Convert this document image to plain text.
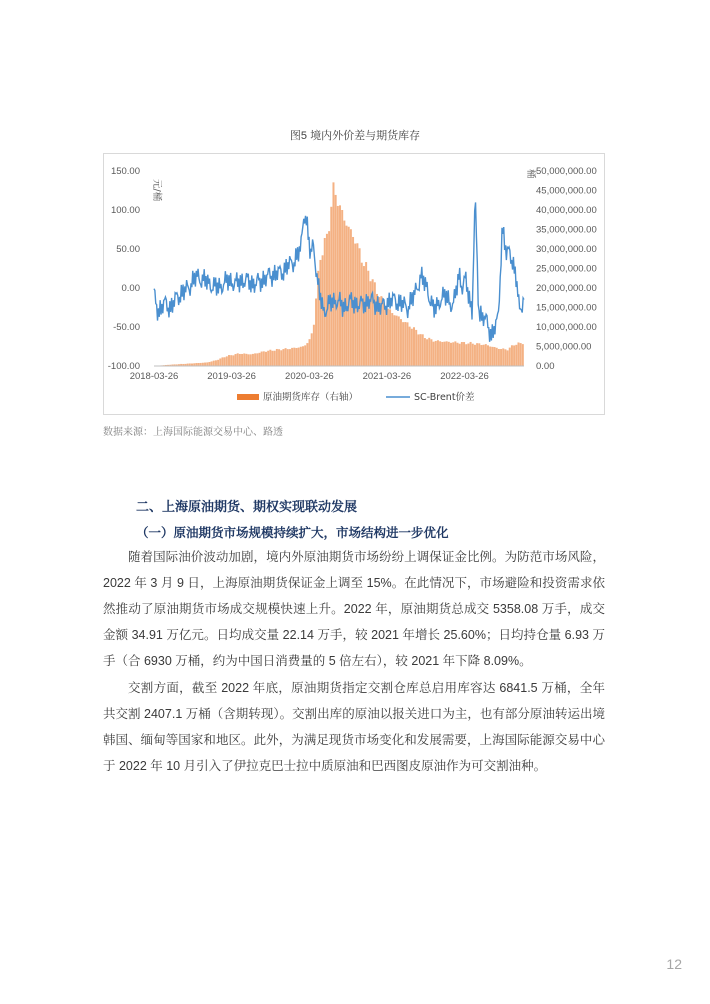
图5 境内外价差与期货库存
150.00
100.00
50.00
0.00
-50.00
-100.00
50,000,000.00
45,000,000.00
40,000,000.00
35,000,000.00
30,000,000.00
25,000,000.00
20,000,000.00
15,000,000.00
10,000,000.00
5,000,000.00
0.00
2018-03-26	2019-03-26	2020-03-26	2021-03-26	2022-03-26
元/桶
桶
原油期货库存（右轴）	SC-Brent价差
数据来源：上海国际能源交易中心、路透
二、上海原油期货、期权实现联动发展
（一）原油期货市场规模持续扩大，市场结构进一步优化

随着国际油价波动加剧，境内外原油期货市场纷纷上调保证金比例。为防范市场风险，2022 年 3 月 9 日，上海原油期货保证金上调至 15%。在此情况下，市场避险和投资需求依然推动了原油期货市场成交规模快速上升。2022 年，原油期货总成交 5358.08 万手，成交金额 34.91 万亿元。日均成交量 22.14 万手，较 2021 年增长 25.60%；日均持仓量 6.93 万手（合 6930 万桶，约为中国日消费量的 5 倍左右），较 2021 年下降 8.09%。

交割方面，截至 2022 年底，原油期货指定交割仓库总启用库容达 6841.5 万桶，全年共交割 2407.1 万桶（含期转现）。交割出库的原油以报关进口为主，也有部分原油转运出境韩国、缅甸等国家和地区。此外，为满足现货市场变化和发展需要，上海国际能源交易中心于 2022 年 10 月引入了伊拉克巴士拉中质原油和巴西图皮原油作为可交割油种。

12
